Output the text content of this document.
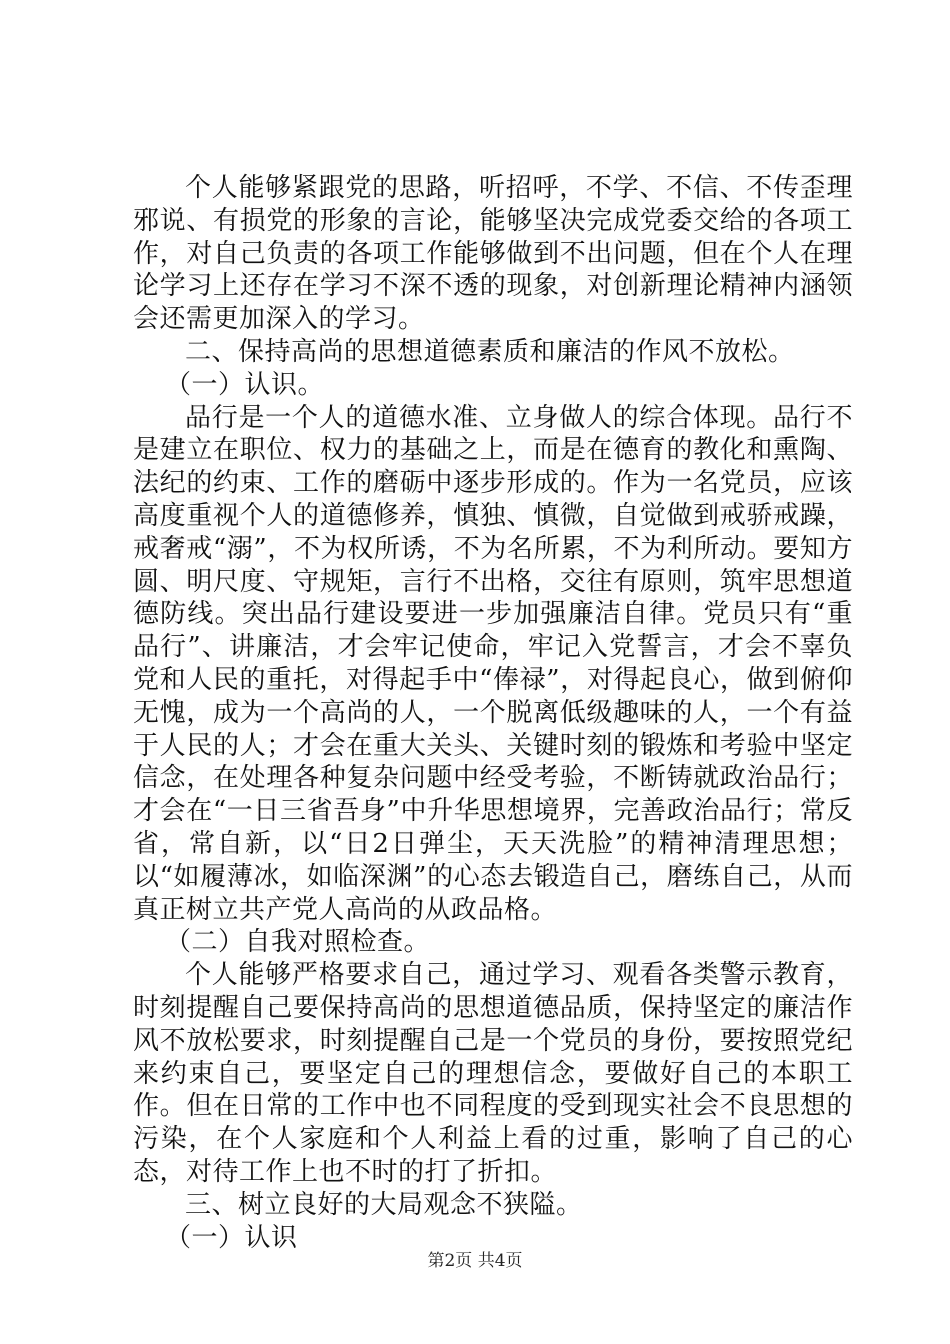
个人能够紧跟党的思路，听招呼，不学、不信、不传歪理邪说、有损党的形象的言论，能够坚决完成党委交给的各项工作，对自己负责的各项工作能够做到不出问题，但在个人在理论学习上还存在学习不深不透的现象，对创新理论精神内涵领会还需更加深入的学习。

二、保持高尚的思想道德素质和廉洁的作风不放松。

（一）认识。

品行是一个人的道德水准、立身做人的综合体现。品行不是建立在职位、权力的基础之上，而是在德育的教化和熏陶、法纪的约束、工作的磨砺中逐步形成的。作为一名党员，应该高度重视个人的道德修养，慎独、慎微，自觉做到戒骄戒躁，戒奢戒“溺”，不为权所诱，不为名所累，不为利所动。要知方圆、明尺度、守规矩，言行不出格，交往有原则，筑牢思想道德防线。突出品行建设要进一步加强廉洁自律。党员只有“重品行”、讲廉洁，才会牢记使命，牢记入党誓言，才会不辜负党和人民的重托，对得起手中“俸禄”，对得起良心，做到俯仰无愧，成为一个高尚的人，一个脱离低级趣味的人，一个有益于人民的人；才会在重大关头、关键时刻的锻炼和考验中坚定信念，在处理各种复杂问题中经受考验，不断铸就政治品行；才会在“一日三省吾身”中升华思想境界，完善政治品行；常反省，常自新，以“日2日弹尘，天天洗脸”的精神清理思想；以“如履薄冰，如临深渊”的心态去锻造自己，磨练自己，从而真正树立共产党人高尚的从政品格。

（二）自我对照检查。

个人能够严格要求自己，通过学习、观看各类警示教育，时刻提醒自己要保持高尚的思想道德品质，保持坚定的廉洁作风不放松要求，时刻提醒自己是一个党员的身份，要按照党纪来约束自己，要坚定自己的理想信念，要做好自己的本职工作。但在日常的工作中也不同程度的受到现实社会不良思想的污染，在个人家庭和个人利益上看的过重，影响了自己的心态，对待工作上也不时的打了折扣。

三、树立良好的大局观念不狭隘。

（一）认识

第2页 共4页
